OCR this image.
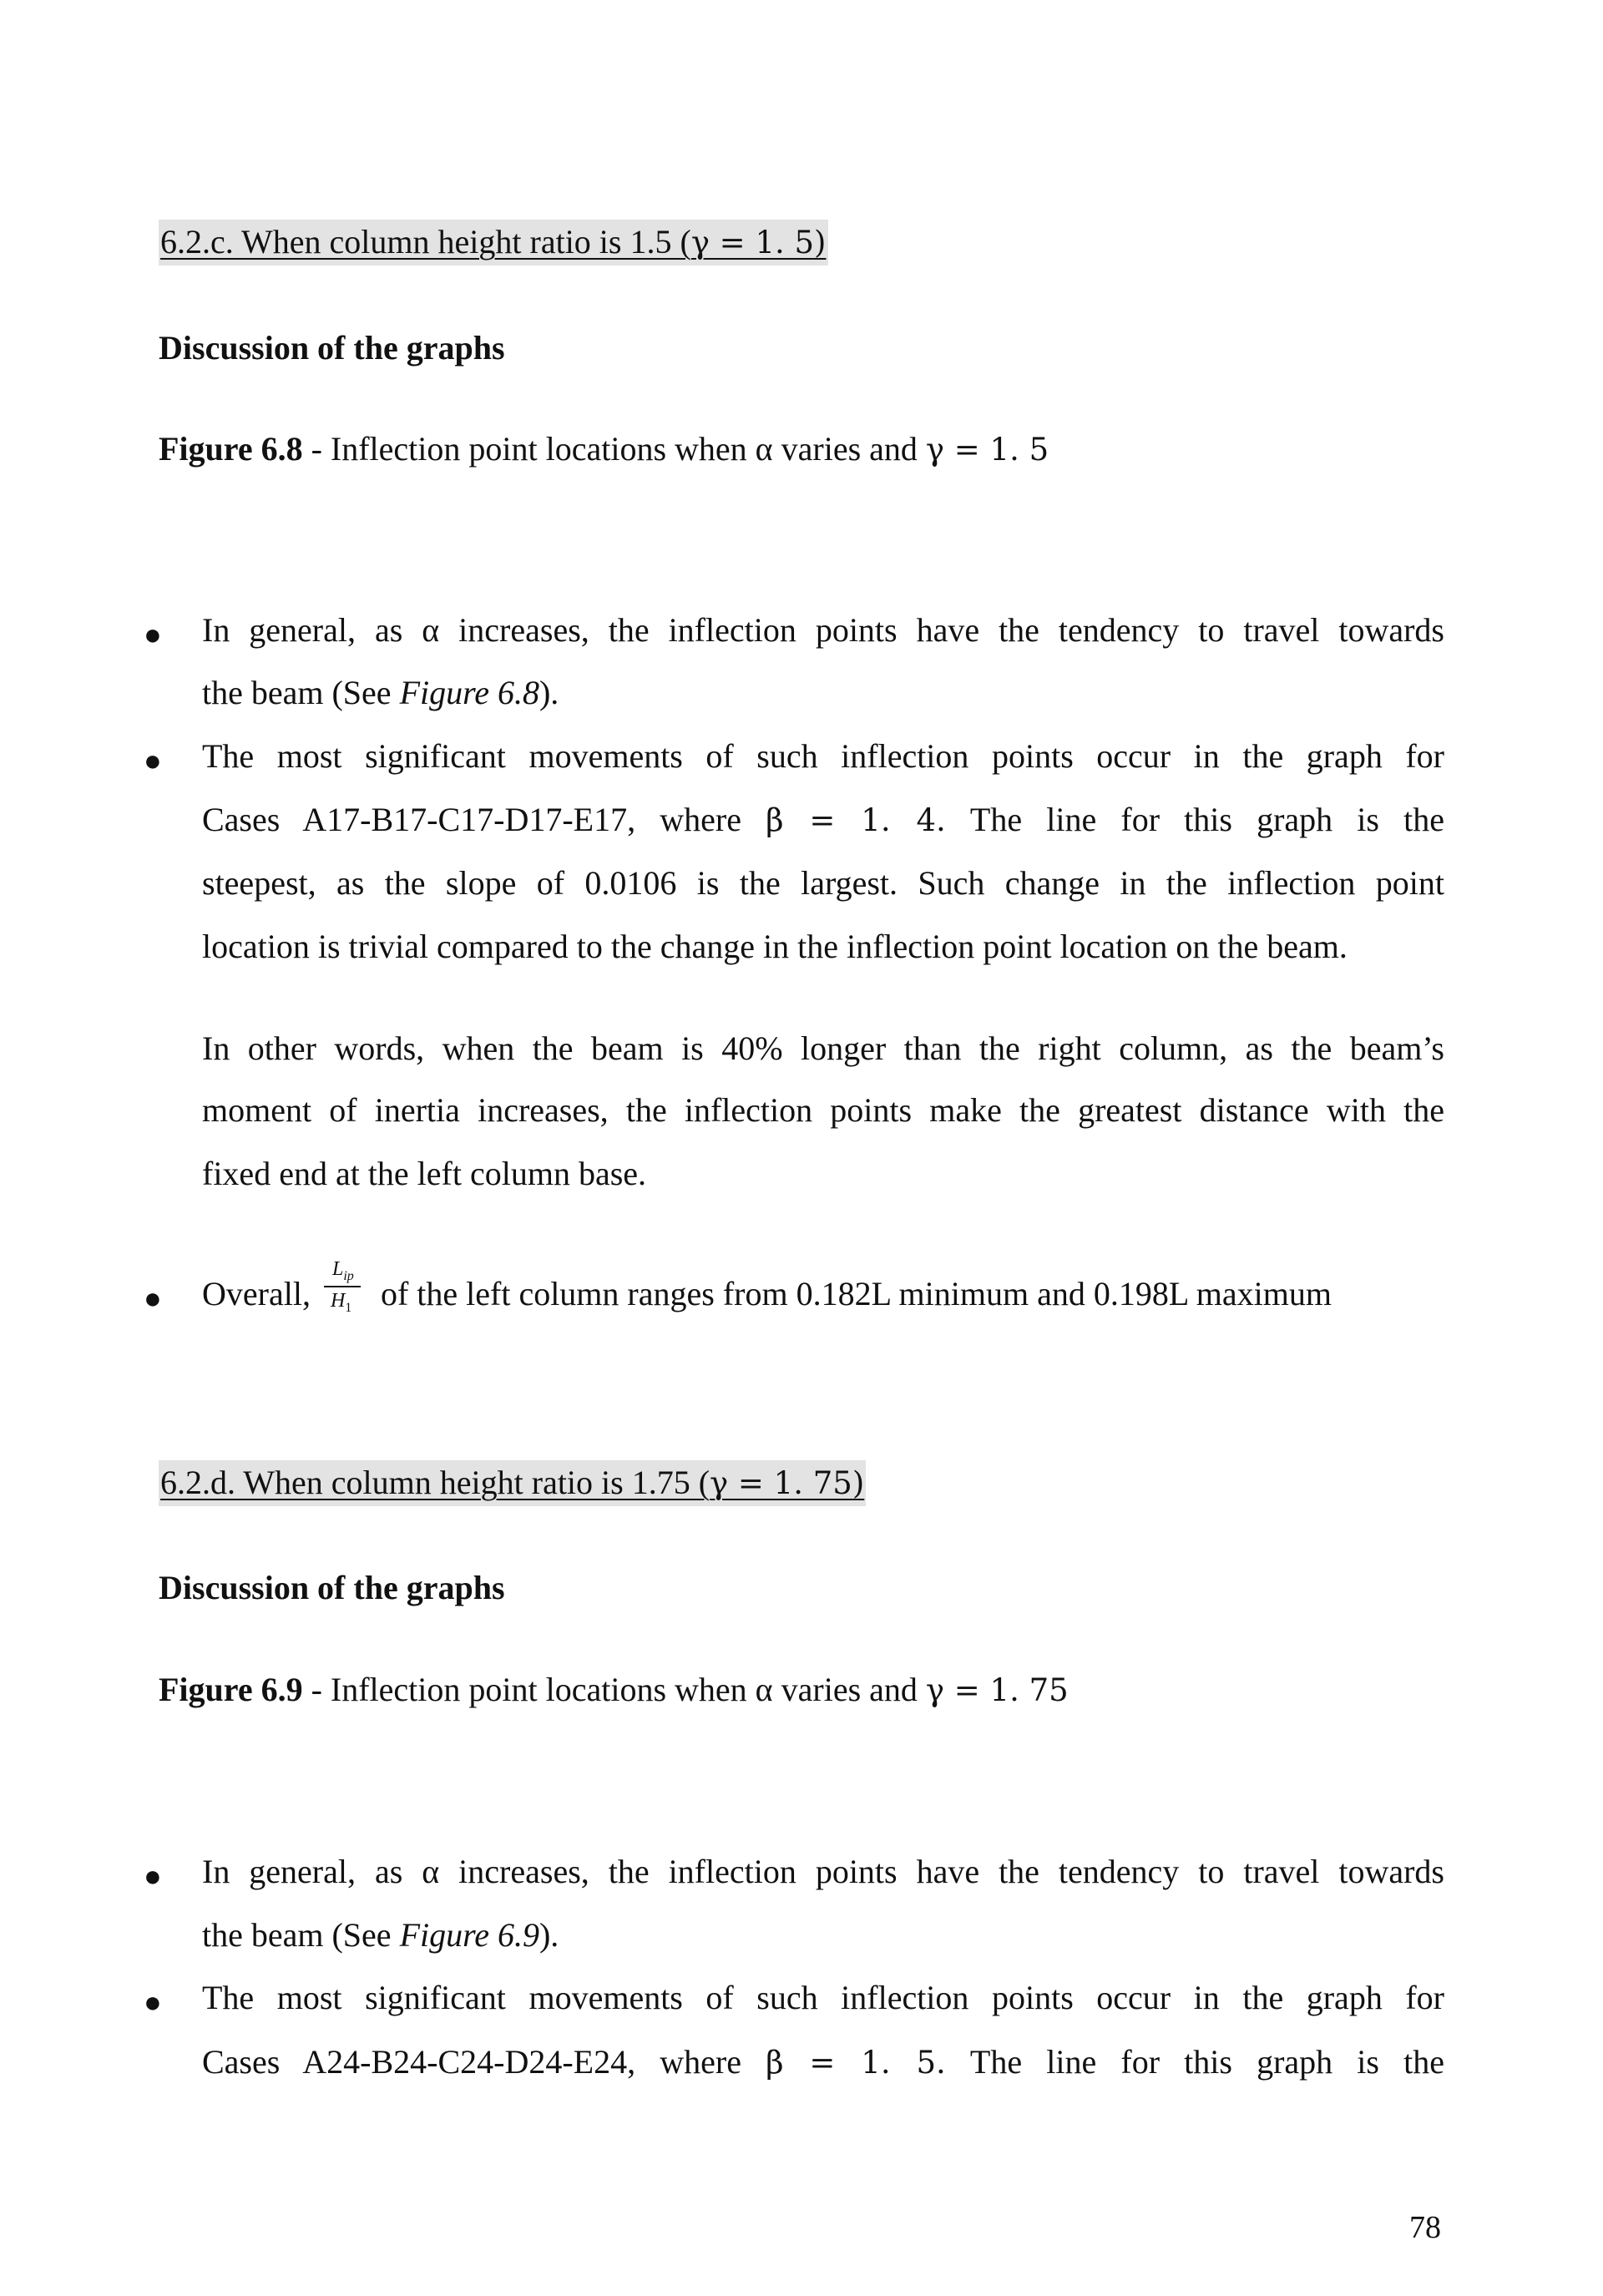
6.2.c. When column height ratio is 1.5 (γ = 1. 5)
Discussion of the graphs
Figure 6.8 - Inflection point locations when α varies and γ = 1. 5
● In general, as α increases, the inflection points have the tendency to travel towards
the beam (See Figure 6.8).
● The most significant movements of such inflection points occur in the graph for
Cases A17-B17-C17-D17-E17, where β = 1. 4. The line for this graph is the
steepest, as the slope of 0.0106 is the largest. Such change in the inflection point
location is trivial compared to the change in the inflection point location on the beam.
In other words, when the beam is 40% longer than the right column, as the beam’s
moment of inertia increases, the inflection points make the greatest distance with the
fixed end at the left column base.
● Overall, $\frac{L_{ip}}{H_1}$ of the left column ranges from 0.182L minimum and 0.198L maximum
6.2.d. When column height ratio is 1.75 (γ = 1. 75)
Discussion of the graphs
Figure 6.9 - Inflection point locations when α varies and γ = 1. 75
● In general, as α increases, the inflection points have the tendency to travel towards
the beam (See Figure 6.9).
● The most significant movements of such inflection points occur in the graph for
Cases A24-B24-C24-D24-E24, where β = 1. 5. The line for this graph is the
78
